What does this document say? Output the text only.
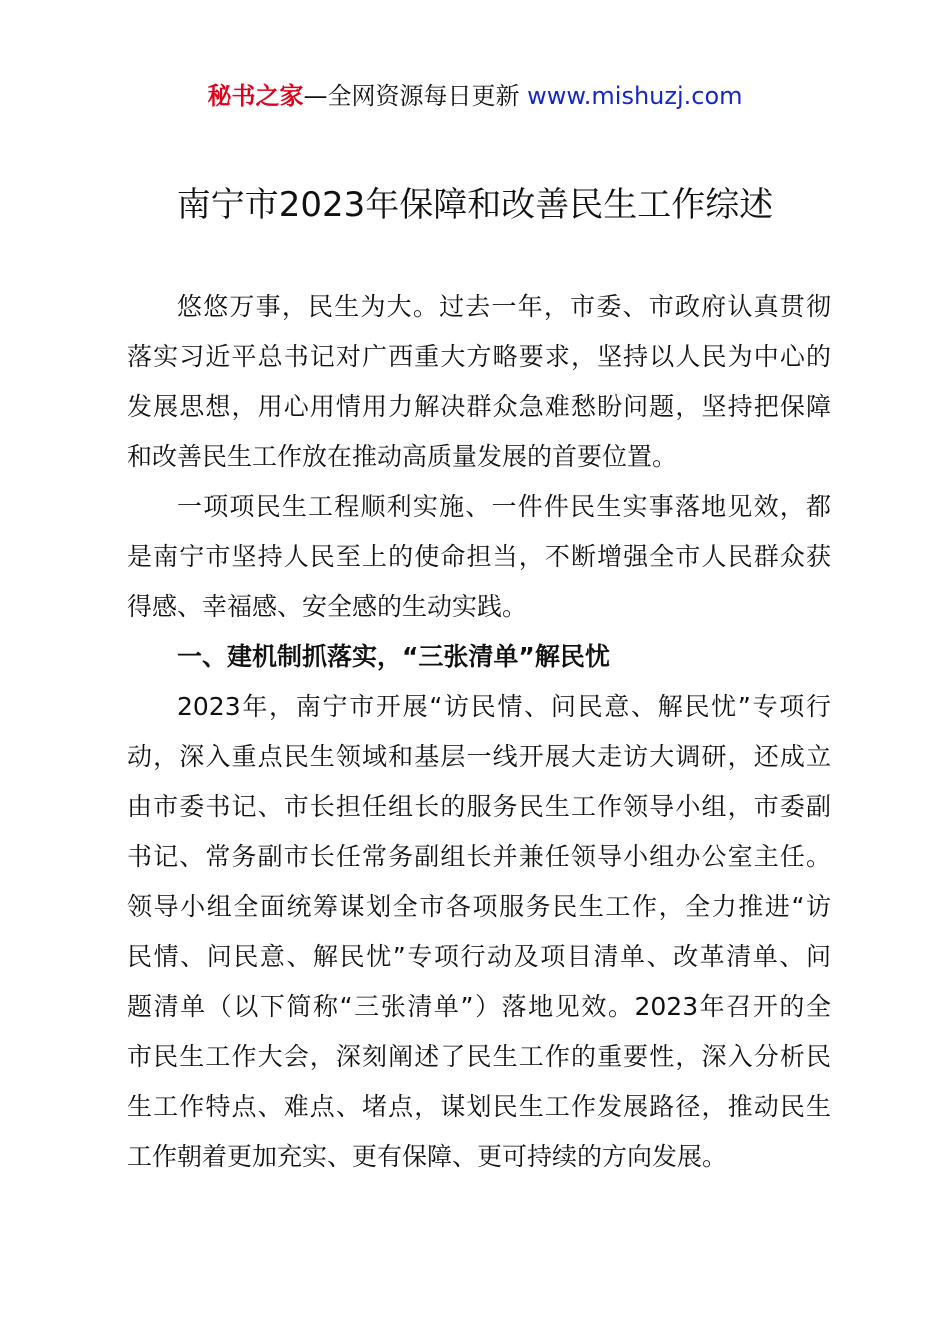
秘书之家—全网资源每日更新 www.mishuzj.com
南宁市2023年保障和改善民生工作综述
悠悠万事，民生为大。过去一年，市委、市政府认真贯彻
落实习近平总书记对广西重大方略要求，坚持以人民为中心的
发展思想，用心用情用力解决群众急难愁盼问题，坚持把保障
和改善民生工作放在推动高质量发展的首要位置。
一项项民生工程顺利实施、一件件民生实事落地见效，都
是南宁市坚持人民至上的使命担当，不断增强全市人民群众获
得感、幸福感、安全感的生动实践。
一、建机制抓落实，“三张清单”解民忧
2023年，南宁市开展“访民情、问民意、解民忧”专项行
动，深入重点民生领域和基层一线开展大走访大调研，还成立
由市委书记、市长担任组长的服务民生工作领导小组，市委副
书记、常务副市长任常务副组长并兼任领导小组办公室主任。
领导小组全面统筹谋划全市各项服务民生工作，全力推进“访
民情、问民意、解民忧”专项行动及项目清单、改革清单、问
题清单（以下简称“三张清单”）落地见效。2023年召开的全
市民生工作大会，深刻阐述了民生工作的重要性，深入分析民
生工作特点、难点、堵点，谋划民生工作发展路径，推动民生
工作朝着更加充实、更有保障、更可持续的方向发展。
